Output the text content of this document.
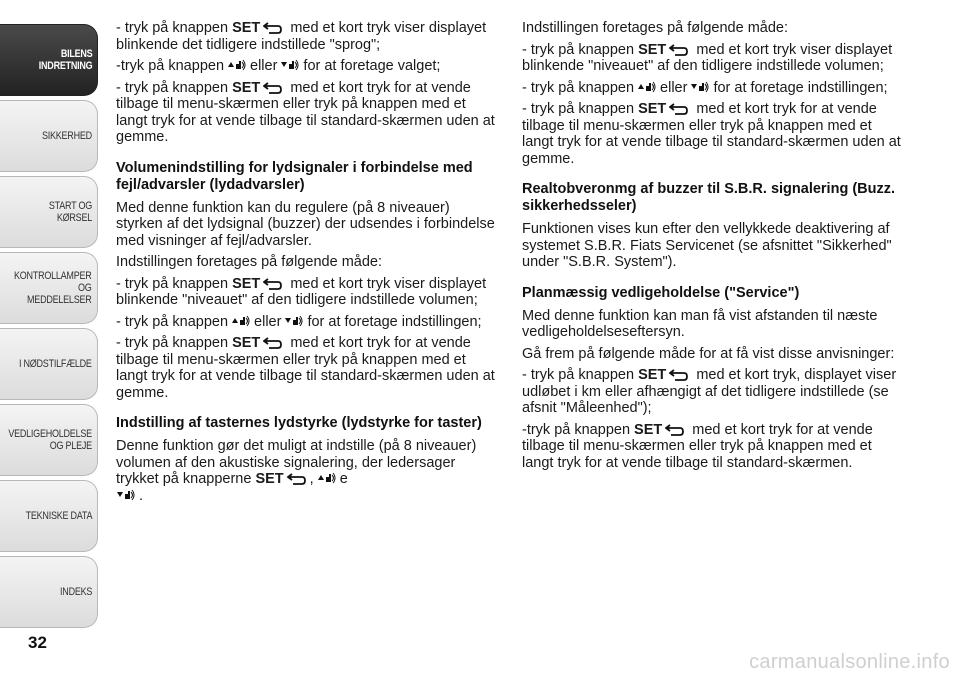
BILENS
INDRETNING
SIKKERHED
START OG KØRSEL
KONTROLLAMPER
OG MEDDELELSER
I NØDSTILFÆLDE
VEDLIGEHOLDELSE
OG PLEJE
TEKNISKE DATA
INDEKS
32

- tryk på knappen SET med et kort tryk viser displayet blinkende det tidligere indstillede "sprog";

-tryk på knappen eller for at foretage valget;

- tryk på knappen SET med et kort tryk for at vende tilbage til menu-skærmen eller tryk på knappen med et langt tryk for at vende tilbage til standard-skærmen uden at gemme.

Volumenindstilling for lydsignaler i forbindelse med fejl/advarsler (lydadvarsler)

Med denne funktion kan du regulere (på 8 niveauer) styrken af det lydsignal (buzzer) der udsendes i forbindelse med visninger af fejl/advarsler.

Indstillingen foretages på følgende måde:

- tryk på knappen SET med et kort tryk viser displayet blinkende "niveauet" af den tidligere indstillede volumen;

- tryk på knappen eller for at foretage indstillingen;

- tryk på knappen SET med et kort tryk for at vende tilbage til menu-skærmen eller tryk på knappen med et langt tryk for at vende tilbage til standard-skærmen uden at gemme.

Indstilling af tasternes lydstyrke (lydstyrke for taster)

Denne funktion gør det muligt at indstille (på 8 niveauer) volumen af den akustiske signalering, der ledersager trykket på knapperne SET , e

.

Indstillingen foretages på følgende måde:

- tryk på knappen SET med et kort tryk viser displayet blinkende "niveauet" af den tidligere indstillede volumen;

- tryk på knappen eller for at foretage indstillingen;

- tryk på knappen SET med et kort tryk for at vende tilbage til menu-skærmen eller tryk på knappen med et langt tryk for at vende tilbage til standard-skærmen uden at gemme.

Realtobveronmg af buzzer til S.B.R. signalering (Buzz. sikkerhedsseler)

Funktionen vises kun efter den vellykkede deaktivering af systemet S.B.R. Fiats Servicenet (se afsnittet "Sikkerhed" under "S.B.R. System").

Planmæssig vedligeholdelse ("Service")

Med denne funktion kan man få vist afstanden til næste vedligeholdelseseftersyn.

Gå frem på følgende måde for at få vist disse anvisninger:

- tryk på knappen SET med et kort tryk, displayet viser udløbet i km eller afhængigt af det tidligere indstillede (se afsnit "Måleenhed");

-tryk på knappen SET med et kort tryk for at vende tilbage til menu-skærmen eller tryk på knappen med et langt tryk for at vende tilbage til standard-skærmen.

carmanualsonline.info
